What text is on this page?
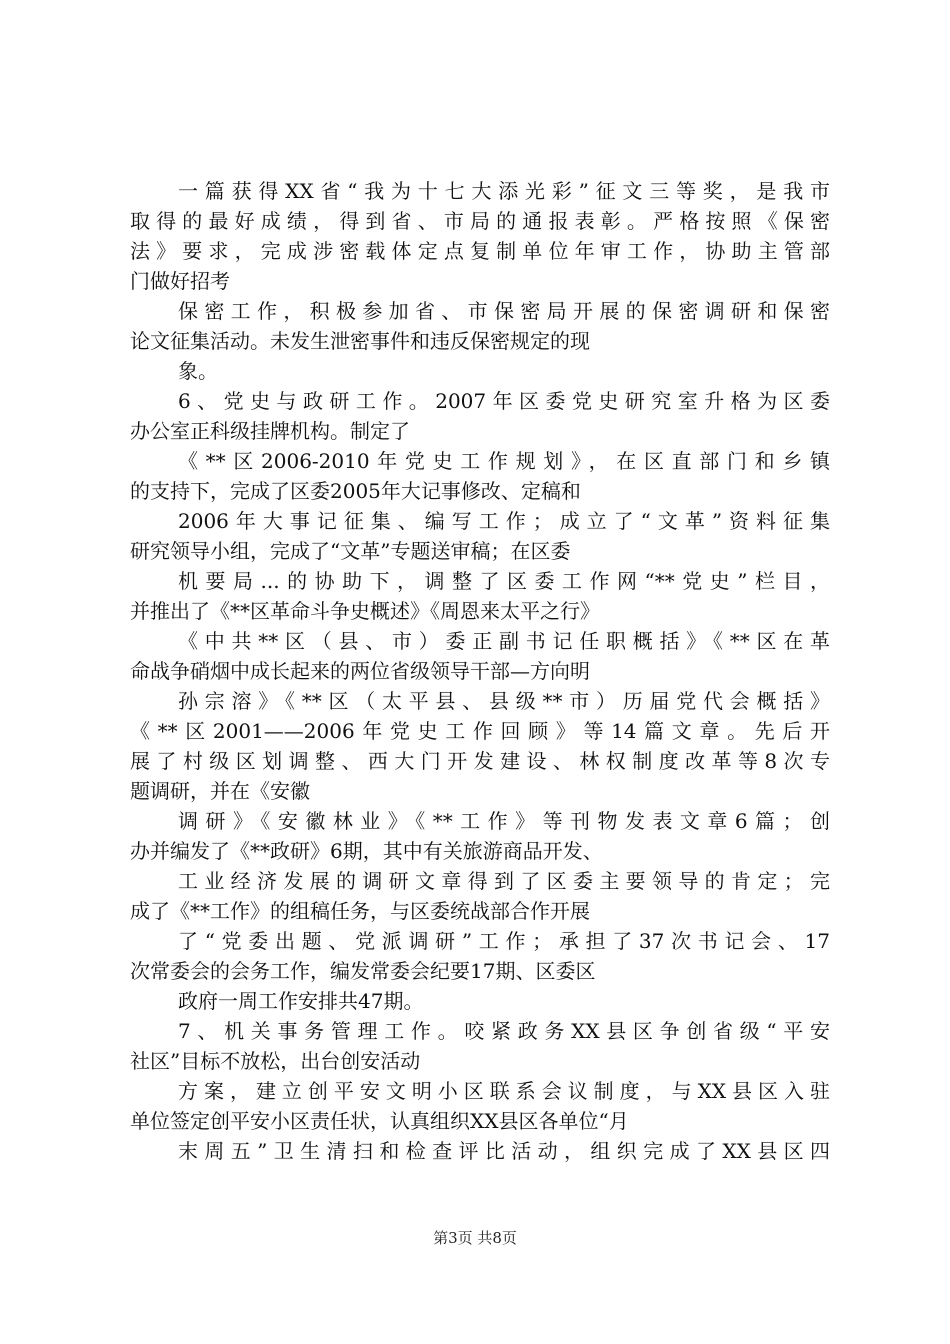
一篇获得XX省“我为十七大添光彩”征文三等奖，是我市
取得的最好成绩，得到省、市局的通报表彰。严格按照《保密
法》要求，完成涉密载体定点复制单位年审工作，协助主管部
门做好招考
保密工作，积极参加省、市保密局开展的保密调研和保密
论文征集活动。未发生泄密事件和违反保密规定的现
象。
6、党史与政研工作。2007年区委党史研究室升格为区委
办公室正科级挂牌机构。制定了
《**区2006-2010年党史工作规划》，在区直部门和乡镇
的支持下，完成了区委2005年大记事修改、定稿和
2006年大事记征集、编写工作；成立了“文革”资料征集
研究领导小组，完成了“文革”专题送审稿；在区委
机要局...的协助下，调整了区委工作网“**党史”栏目，
并推出了《**区革命斗争史概述》《周恩来太平之行》
《中共**区（县、市）委正副书记任职概括》《**区在革
命战争硝烟中成长起来的两位省级领导干部—方向明
孙宗溶》《**区（太平县、县级**市）历届党代会概括》
《**区2001——2006年党史工作回顾》等14篇文章。先后开
展了村级区划调整、西大门开发建设、林权制度改革等8次专
题调研，并在《安徽
调研》《安徽林业》《**工作》等刊物发表文章6篇；创
办并编发了《**政研》6期，其中有关旅游商品开发、
工业经济发展的调研文章得到了区委主要领导的肯定；完
成了《**工作》的组稿任务，与区委统战部合作开展
了“党委出题、党派调研”工作；承担了37次书记会、17
次常委会的会务工作，编发常委会纪要17期、区委区
政府一周工作安排共47期。
7、机关事务管理工作。咬紧政务XX县区争创省级“平安
社区”目标不放松，出台创安活动
方案，建立创平安文明小区联系会议制度，与XX县区入驻
单位签定创平安小区责任状，认真组织XX县区各单位“月
末周五”卫生清扫和检查评比活动，组织完成了XX县区四
第3页 共8页
